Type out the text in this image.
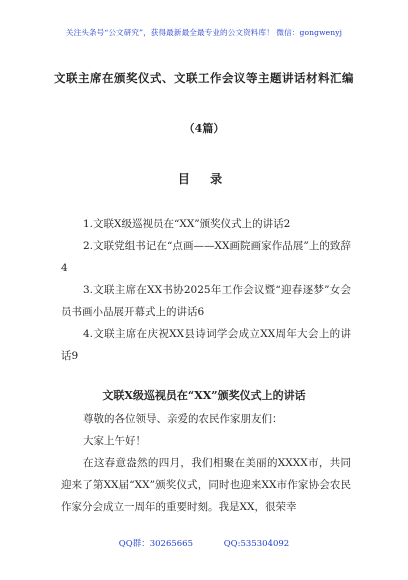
关注头条号“公文研究”，获得最新最全最专业的公文资料库！ 微信：gongwenyj
文联主席在颁奖仪式、文联工作会议等主题讲话材料汇编
（4篇）
目 录
1.文联X级巡视员在“XX”颁奖仪式上的讲话2
2.文联党组书记在“点画——XX画院画家作品展”上的致辞4
3.文联主席在XX书协2025年工作会议暨“迎春逐梦”女会员书画小品展开幕式上的讲话6
4.文联主席在庆祝XX县诗词学会成立XX周年大会上的讲话9
文联X级巡视员在“XX”颁奖仪式上的讲话

尊敬的各位领导、亲爱的农民作家朋友们：

大家上午好！

在这春意盎然的四月，我们相聚在美丽的XXXX市，共同迎来了第XX届“XX”颁奖仪式，同时也迎来XX市作家协会农民作家分会成立一周年的重要时刻。我是XX，很荣幸

QQ群：30265665	QQ:535304092
